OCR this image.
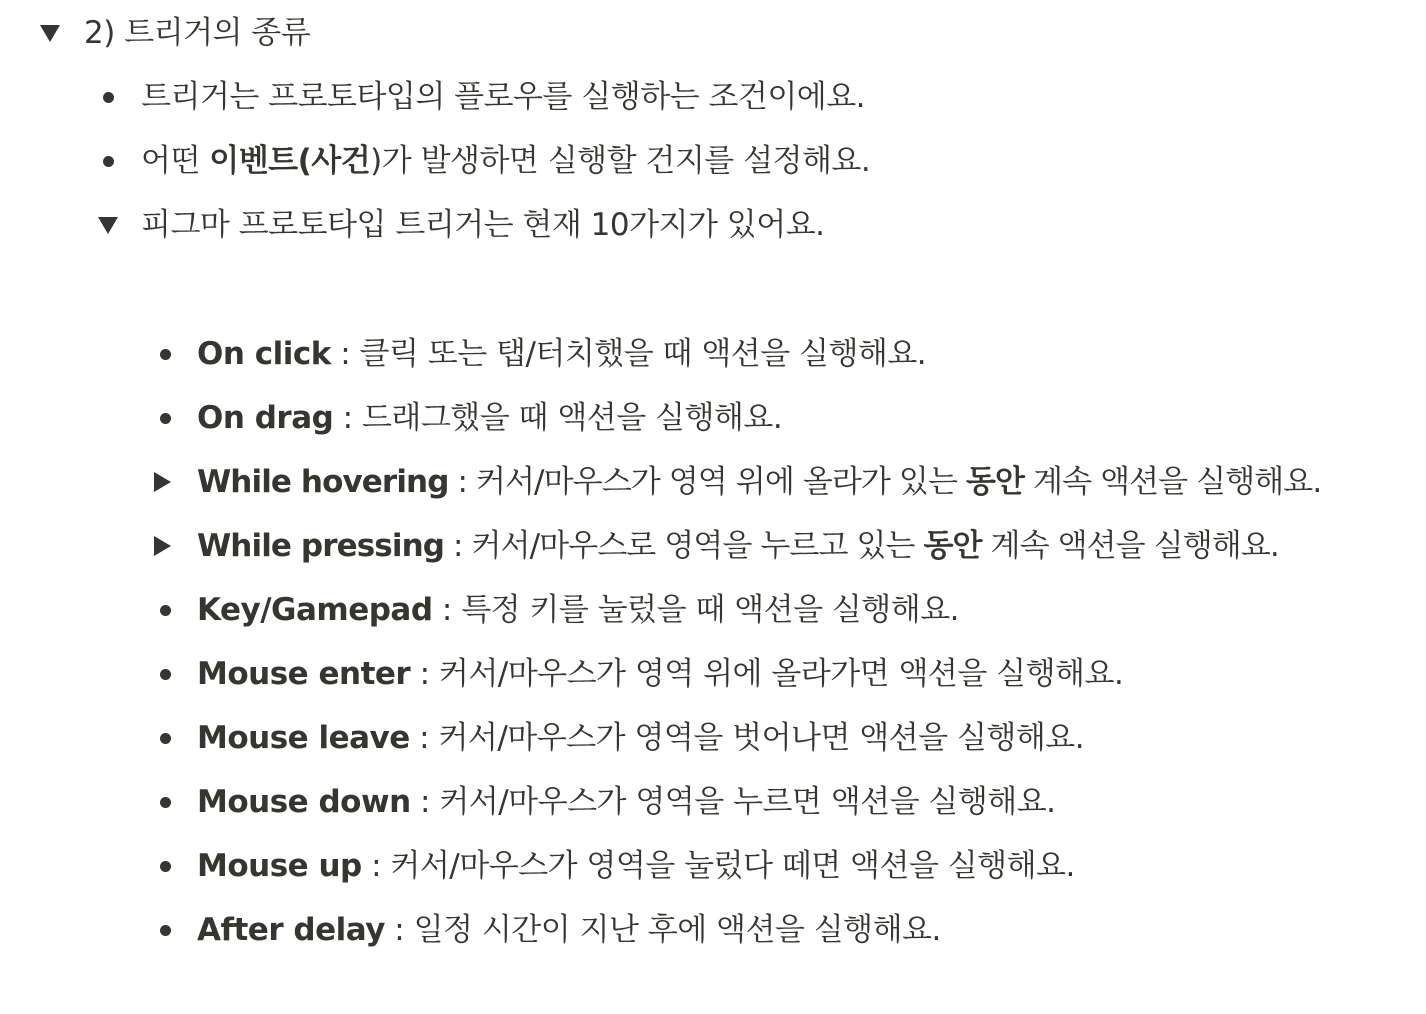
2) 트리거의 종류
트리거는 프로토타입의 플로우를 실행하는 조건이에요.
어떤 이벤트(사건)가 발생하면 실행할 건지를 설정해요.
피그마 프로토타입 트리거는 현재 10가지가 있어요.
On click : 클릭 또는 탭/터치했을 때 액션을 실행해요.
On drag : 드래그했을 때 액션을 실행해요.
While hovering : 커서/마우스가 영역 위에 올라가 있는 동안 계속 액션을 실행해요.
While pressing : 커서/마우스로 영역을 누르고 있는 동안 계속 액션을 실행해요.
Key/Gamepad : 특정 키를 눌렀을 때 액션을 실행해요.
Mouse enter : 커서/마우스가 영역 위에 올라가면 액션을 실행해요.
Mouse leave : 커서/마우스가 영역을 벗어나면 액션을 실행해요.
Mouse down : 커서/마우스가 영역을 누르면 액션을 실행해요.
Mouse up : 커서/마우스가 영역을 눌렀다 떼면 액션을 실행해요.
After delay : 일정 시간이 지난 후에 액션을 실행해요.
